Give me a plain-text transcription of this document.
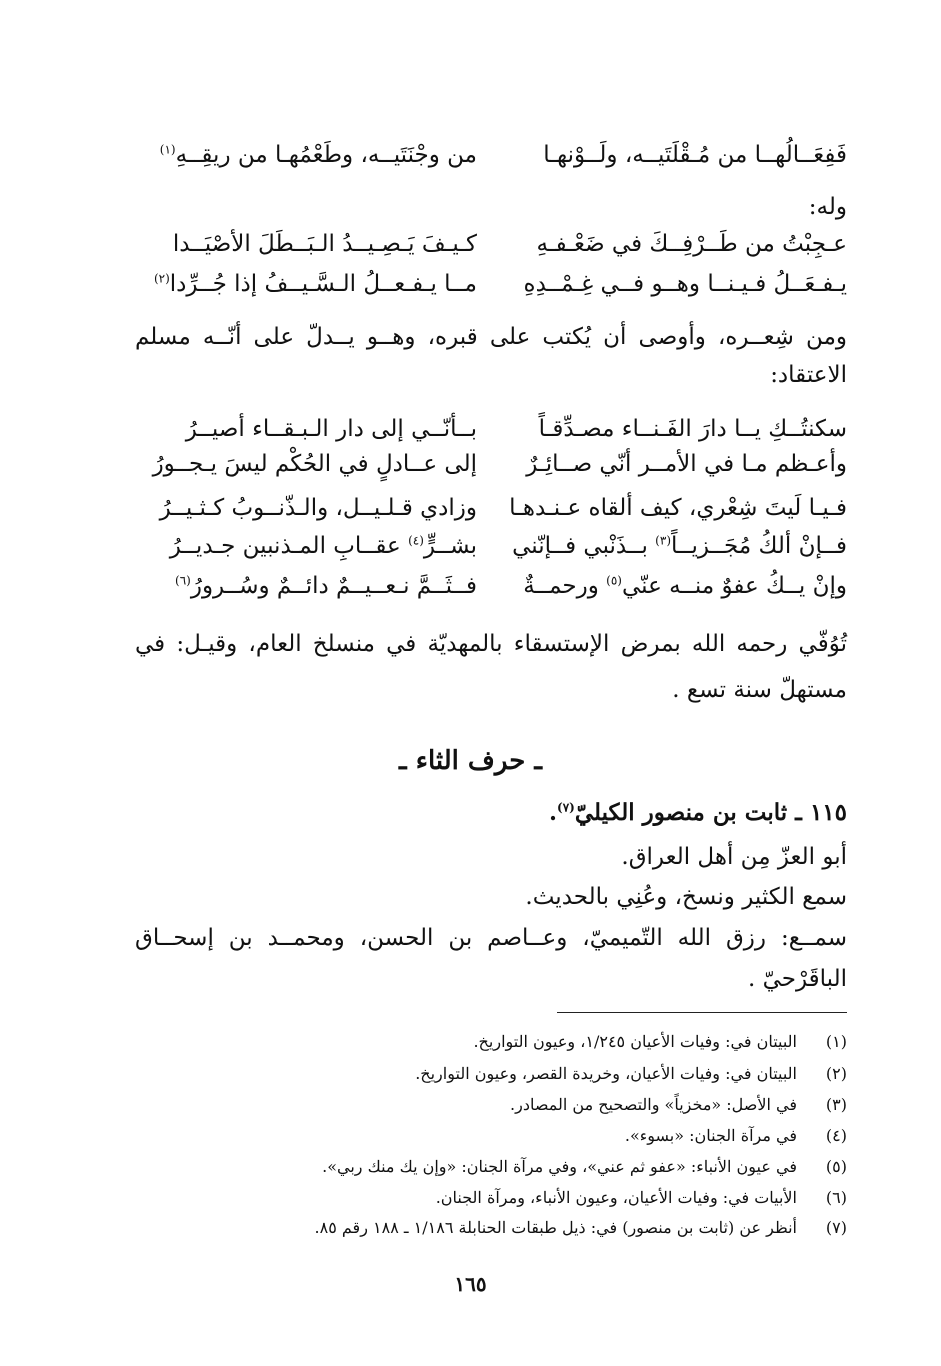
فَفِعَــالُهــا من مُـقْلَتَيــه، ولَــوْنهـا
من وجْنَتَيــه، وطَعْمُهـا من ريقِــهِ$^{(١)}$
وله:
عـجِبْتُ من طَــرْفِــكَ في ضَعْـفـهِ
كـيـفَ يَـصِـيــدُ الـبَــطَلَ الأصْيَــدا
يـفـعَــلُ فـيـنــا وهــو فــي غِـمْــدِهِ
مــا يـفـعــلُ الـسَّـيــفُ إذا جُــرِّدا$^{(٢)}$
ومن شِعــره، وأوصى أن يُكتب على قبره، وهــو يــدلّ على أنّــه مسلم
الاعتقاد:
سكنتُــكِ يــا دارَ الفَـنــاء مصـدِّقـاً
بــأنّــي إلى دار الـبـقــاء أصيــرُ
وأعـظم مـا في الأمــر أنّي صــائِـرٌ
إلى عــادلٍ في الحُكْم ليسَ يـجــورُ
فـيـا لَيتَ شِعْري، كيف ألقاه عـنـدهـا
وزادي قـلـيــل، والـذّنــوبُ كـثـيــرُ
فــإنْ ألكُ مُجَــزيــاً$^{(٣)}$ بــذَنْبي فــإنّني
بشــرٍّ$^{(٤)}$ عقــابِ المـذنبين جـديــرُ
وإنْ يــكُ عفوٌ منــه عنّي$^{(٥)}$ ورحمــةٌ
فــثَــمَّ نـعــيــمٌ دائــمٌ وسُــرورُ$^{(٦)}$
تُوُفّي رحمه الله بمرض الإستسقاء بالمهديّة في منسلخ العام، وقيـل: في
مستهلّ سنة تسع .
ـ حرف الثاء ـ
١١٥ ـ ثابت بن منصور الكيليّ$^{(٧)}$.
أبو العزّ مِن أهل العراق.
سمع الكثير ونسخ، وعُنِي بالحديث.
سمــع: رزق الله التّميميّ، وعــاصم بن الحسن، ومحمــد بن إسحــاق
الباقَرْحيّ .
(١)البيتان في: وفيات الأعيان ١/٢٤٥، وعيون التواريخ.
(٢)البيتان في: وفيات الأعيان، وخريدة القصر، وعيون التواريخ.
(٣)في الأصل: «مخزياً» والتصحيح من المصادر.
(٤)في مرآة الجنان: «بسوء».
(٥)في عيون الأنباء: «عفو ثم عني»، وفي مرآة الجنان: «وإن يك منك ربي».
(٦)الأبيات في: وفيات الأعيان، وعيون الأنباء، ومرآة الجنان.
(٧)أنظر عن (ثابت بن منصور) في: ذيل طبقات الحنابلة ١/١٨٦ ـ ١٨٨ رقم ٨٥.
١٦٥
